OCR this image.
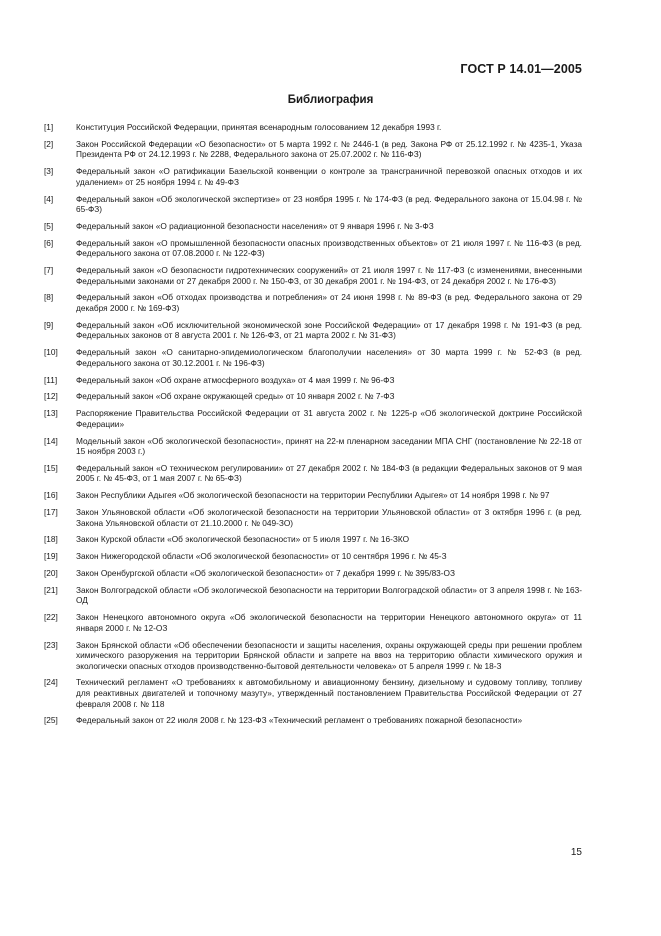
ГОСТ Р 14.01—2005
Библиография
[1]	Конституция Российской Федерации, принятая всенародным голосованием 12 декабря 1993 г.
[2]	Закон Российской Федерации «О безопасности» от 5 марта 1992 г. № 2446-1 (в ред. Закона РФ от 25.12.1992 г. № 4235-1, Указа Президента РФ от 24.12.1993 г. № 2288, Федерального закона от 25.07.2002 г. № 116-ФЗ)
[3]	Федеральный закон «О ратификации Базельской конвенции о контроле за трансграничной перевозкой опасных отходов и их удалением» от 25 ноября 1994 г. № 49-ФЗ
[4]	Федеральный закон «Об экологической экспертизе» от 23 ноября 1995 г. № 174-ФЗ (в ред. Федерального закона от 15.04.98 г. № 65-ФЗ)
[5]	Федеральный закон «О радиационной безопасности населения» от 9 января 1996 г. № 3-ФЗ
[6]	Федеральный закон «О промышленной безопасности опасных производственных объектов» от 21 июля 1997 г. № 116-ФЗ (в ред. Федерального закона от 07.08.2000 г. № 122-ФЗ)
[7]	Федеральный закон «О безопасности гидротехнических сооружений» от 21 июля 1997 г. № 117-ФЗ (с изменениями, внесенными Федеральными законами от 27 декабря 2000 г. № 150-ФЗ, от 30 декабря 2001 г. № 194-ФЗ, от 24 декабря 2002 г. № 176-ФЗ)
[8]	Федеральный закон «Об отходах производства и потребления» от 24 июня 1998 г. № 89-ФЗ (в ред. Федерального закона от 29 декабря 2000 г. № 169-ФЗ)
[9]	Федеральный закон «Об исключительной экономической зоне Российской Федерации» от 17 декабря 1998 г. № 191-ФЗ (в ред. Федеральных законов от 8 августа 2001 г. № 126-ФЗ, от 21 марта 2002 г. № 31-ФЗ)
[10]	Федеральный закон «О санитарно-эпидемиологическом благополучии населения» от 30 марта 1999 г. № 52-ФЗ (в ред. Федерального закона от 30.12.2001 г. № 196-ФЗ)
[11]	Федеральный закон «Об охране атмосферного воздуха» от 4 мая 1999 г. № 96-ФЗ
[12]	Федеральный закон «Об охране окружающей среды» от 10 января 2002 г. № 7-ФЗ
[13]	Распоряжение Правительства Российской Федерации от 31 августа 2002 г. № 1225-р «Об экологической доктрине Российской Федерации»
[14]	Модельный закон «Об экологической безопасности», принят на 22-м пленарном заседании МПА СНГ (постановление № 22-18 от 15 ноября 2003 г.)
[15]	Федеральный закон «О техническом регулировании» от 27 декабря 2002 г. № 184-ФЗ (в редакции Федеральных законов от 9 мая 2005 г. № 45-ФЗ, от 1 мая 2007 г. № 65-ФЗ)
[16]	Закон Республики Адыгея «Об экологической безопасности на территории Республики Адыгея» от 14 ноября 1998 г. № 97
[17]	Закон Ульяновской области «Об экологической безопасности на территории Ульяновской области» от 3 октября 1996 г. (в ред. Закона Ульяновской области от 21.10.2000 г. № 049-ЗО)
[18]	Закон Курской области «Об экологической безопасности» от 5 июля 1997 г. № 16-ЗКО
[19]	Закон Нижегородской области «Об экологической безопасности» от 10 сентября 1996 г. № 45-З
[20]	Закон Оренбургской области «Об экологической безопасности» от 7 декабря 1999 г. № 395/83-ОЗ
[21]	Закон Волгоградской области «Об экологической безопасности на территории Волгоградской области» от 3 апреля 1998 г. № 163-ОД
[22]	Закон Ненецкого автономного округа «Об экологической безопасности на территории Ненецкого автономного округа» от 11 января 2000 г. № 12-ОЗ
[23]	Закон Брянской области «Об обеспечении безопасности и защиты населения, охраны окружающей среды при решении проблем химического разоружения на территории Брянской области и запрете на ввоз на территорию области химического оружия и экологически опасных отходов производственно-бытовой деятельности человека» от 5 апреля 1999 г. № 18-З
[24]	Технический регламент «О требованиях к автомобильному и авиационному бензину, дизельному и судовому топливу, топливу для реактивных двигателей и топочному мазуту», утвержденный постановлением Правительства Российской Федерации от 27 февраля 2008 г. № 118
[25]	Федеральный закон от 22 июля 2008 г. № 123-ФЗ «Технический регламент о требованиях пожарной безопасности»
15
